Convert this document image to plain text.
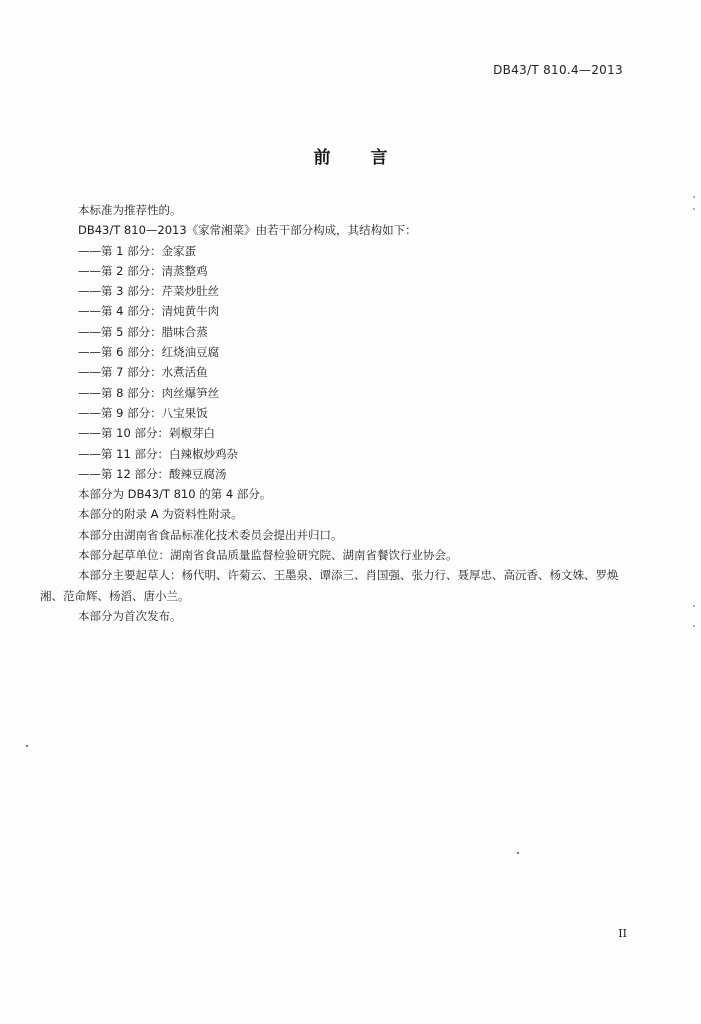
DB43/T 810.4—2013
前言
本标准为推荐性的。
DB43/T 810—2013《家常湘菜》由若干部分构成，其结构如下：
——第 1 部分：金家蛋
——第 2 部分：清蒸整鸡
——第 3 部分：芹菜炒肚丝
——第 4 部分：清炖黄牛肉
——第 5 部分：腊味合蒸
——第 6 部分：红烧油豆腐
——第 7 部分：水煮活鱼
——第 8 部分：肉丝爆笋丝
——第 9 部分：八宝果饭
——第 10 部分：剁椒芽白
——第 11 部分：白辣椒炒鸡杂
——第 12 部分：酸辣豆腐汤
本部分为 DB43/T 810 的第 4 部分。
本部分的附录 A 为资料性附录。
本部分由湖南省食品标准化技术委员会提出并归口。
本部分起草单位：湖南省食品质量监督检验研究院、湖南省餐饮行业协会。
本部分主要起草人：杨代明、许菊云、王墨泉、谭添三、肖国强、张力行、聂厚忠、高沅香、杨文姝、罗焕湘、范命辉、杨滔、唐小兰。
本部分为首次发布。
II
